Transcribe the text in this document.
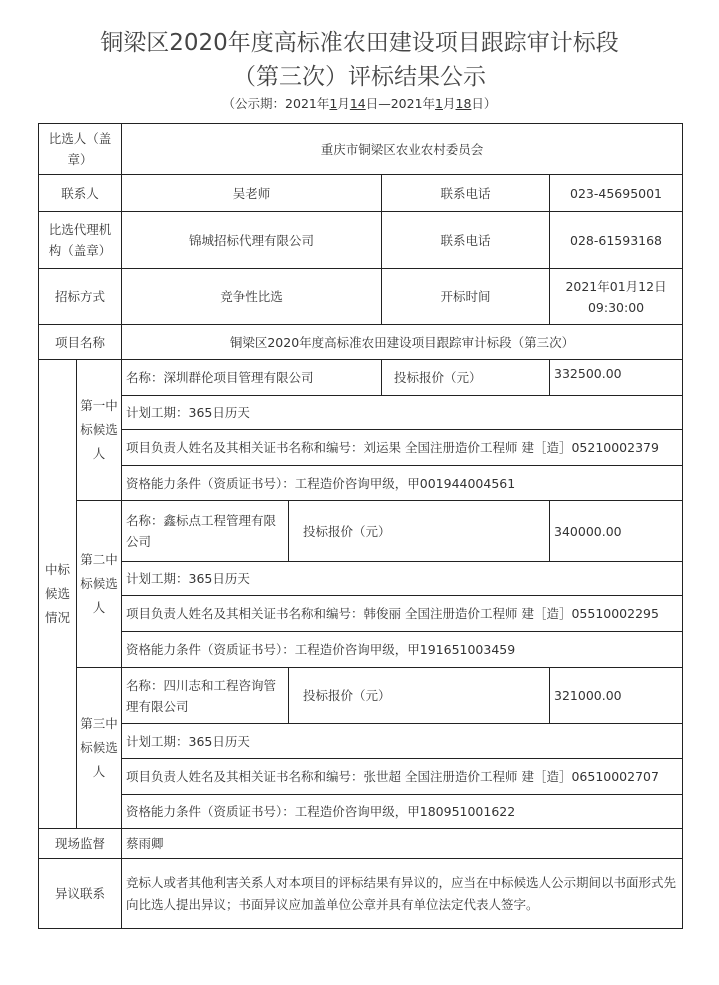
铜梁区2020年度高标准农田建设项目跟踪审计标段
（第三次）评标结果公示
（公示期：2021年1月14日—2021年1月18日）
比选人（盖章）		重庆市铜梁区农业农村委员会			
联系人		吴老师		联系电话	023-45695001
比选代理机构（盖章）		锦城招标代理有限公司		联系电话	028-61593168
招标方式		竞争性比选		开标时间	2021年01月12日 09:30:00
项目名称		铜梁区2020年度高标准农田建设项目跟踪审计标段（第三次）			
中标候选情况	第一中标候选人	名称：深圳群伦项目管理有限公司		投标报价（元）	332500.00
		计划工期：365日历天			
		项目负责人姓名及其相关证书名称和编号：刘运果 全国注册造价工程师 建［造］05210002379			
		资格能力条件（资质证书号）：工程造价咨询甲级，甲001944004561			
	第二中标候选人	名称：鑫标点工程管理有限公司	投标报价（元）		340000.00
		计划工期：365日历天			
		项目负责人姓名及其相关证书名称和编号：韩俊丽 全国注册造价工程师 建［造］05510002295			
		资格能力条件（资质证书号）：工程造价咨询甲级，甲191651003459			
	第三中标候选人	名称：四川志和工程咨询管理有限公司	投标报价（元）		321000.00
		计划工期：365日历天			
		项目负责人姓名及其相关证书名称和编号：张世超 全国注册造价工程师 建［造］06510002707			
		资格能力条件（资质证书号）：工程造价咨询甲级，甲180951001622			
现场监督		蔡雨卿			
异议联系		竞标人或者其他利害关系人对本项目的评标结果有异议的，应当在中标候选人公示期间以书面形式先向比选人提出异议；书面异议应加盖单位公章并具有单位法定代表人签字。			
